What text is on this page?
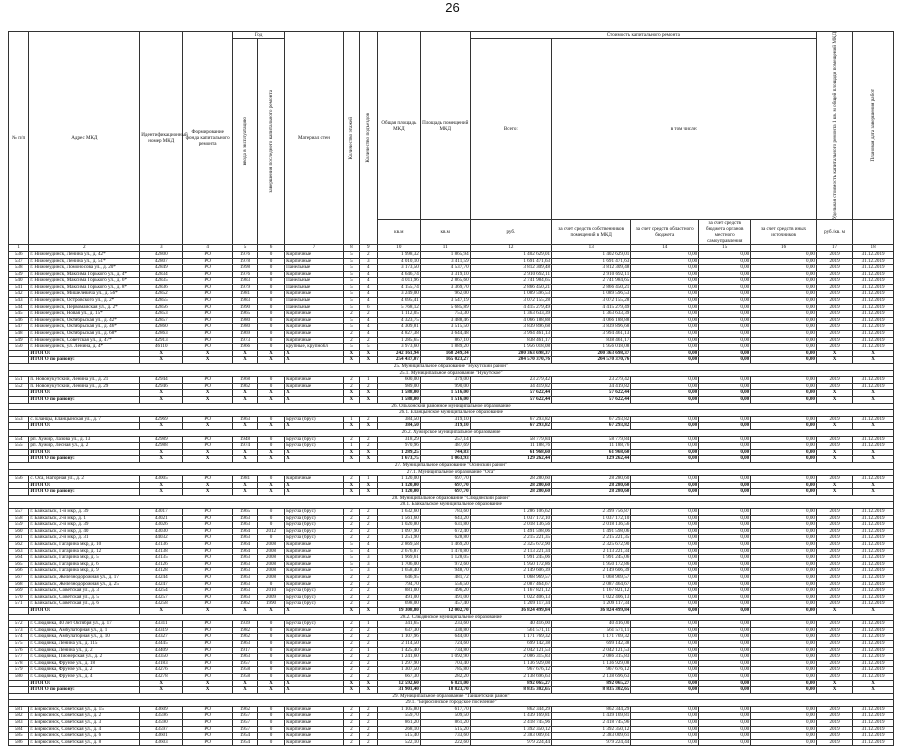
26
№ п/п	Адрес МКД	Идентификационный номер МКД	Формирование фонда капитального ремонта	Год		Материал стен	Количество этажей	Количество подъездов	Общая площадь МКД	Площадь помещений МКД	Стоимость капитального ремонта					Удельная стоимость капитального ремонта 1 кв. м общей площади помещений МКД	Плановая дата завершения работ

				ввода в эксплуатацию	завершения последнего капитального ремонта						Всего:	в том числе:					
									кв.м	кв.м	руб.	за счет средств собственников помещений в МКД	за счет средств областного бюджета	за счет средств бюджета органов местного самоуправления	за счет средств иных источников	руб./кв. м	
1	2	3	4	5	6	7	8	9	10	11	12	13	14	15	16	17	18
536	г. Нижнеудинск, Ленина ул., д. 42*	42800	РО	1976	0	Кирпичные	5	2	1 998,32	1 865,94	1 402 629,01	1 402 629,01	0,00	0,00	0,00	2019	31.12.2019
537	г. Нижнеудинск, Ленина ул., д. 51*	42807	РО	1978	0	Кирпичные	5	3	4 010,10	3 411,59	1 691 471,63	1 691 471,63	0,00	0,00	0,00	2019	31.12.2019
538	г. Нижнеудинск, Ломоносова ул., д. 20*	42849	РО	1998	0	Панельные	5	4	3 173,50	4 537,70	3 812 309,48	3 812 309,48	0,00	0,00	0,00	2019	31.12.2019
539	г. Нижнеудинск, Максима Горького ул., д. 4*	42834	РО	1976	0	Кирпичные	5	4	4 646,74	3 319,10	2 910 692,11	2 910 692,11	0,00	0,00	0,00	2019	31.12.2019
540	г. Нижнеудинск, Максима Горького ул., д. 6*	42835	РО	1983	0	Панельные	5	4	4 011,96	2 865,60	2 741 984,65	2 741 984,65	0,00	0,00	0,00	2019	31.12.2019
541	г. Нижнеудинск, Максима Горького ул., д. 8*	42836	РО	1979	0	Панельные	5	4	4 155,74	3 369,70	2 866 450,21	2 866 450,21	0,00	0,00	0,00	2019	31.12.2019
542	г. Нижнеудинск, Мишелевича ул., д. 56*	42852	РО	1981	0	Кирпичные	5	4	3 249,00	962,00	1 089 596,53	1 089 596,53	0,00	0,00	0,00	2019	31.12.2019
543	г. Нижнеудинск, Островского ул., д. 2*	42855	РО	1983	0	Панельные	5	4	4 695,41	3 547,19	3 072 155,28	3 072 155,28	0,00	0,00	0,00	2019	31.12.2019
544	г. Нижнеудинск, Первомайская ул., д. 2*	42856	РО	1990	0	Панельные	5	6	5 768,12	5 685,89	4 415 279,49	4 415 279,49	0,00	0,00	0,00	2019	31.12.2019
545	г. Нижнеудинск, Новая ул., д. 15*	42853	РО	1965	0	Кирпичные	2	2	1 112,05	753,30	1 363 633,39	1 363 633,39	0,00	0,00	0,00	2019	31.12.2019
546	г. Нижнеудинск, Октябрьская ул., д. 42*	42857	РО	1980	0	Кирпичные	5	4	4 323,75	3 488,46	4 066 188,88	4 066 188,88	0,00	0,00	0,00	2019	31.12.2019
547	г. Нижнеудинск, Октябрьская ул., д. 46*	42860	РО	1980	0	Кирпичные	5	4	4 309,81	3 515,50	3 839 896,68	3 839 896,68	0,00	0,00	0,00	2019	31.12.2019
548	г. Нижнеудинск, Октябрьская ул., д. 68*	42863	РО	1969	0	Кирпичные	2	4	4 827,38	3 644,48	3 994 461,13	3 994 461,13	0,00	0,00	0,00	2019	31.12.2019
549	г. Нижнеудинск, Советская ул., д. 47*	42913	РО	1973	0	Кирпичные	2	2	1 285,65	867,10	838 461,17	838 461,17	0,00	0,00	0,00	2019	31.12.2019
550	г. Нижнеудинск, ул. Ленина, д. 4*	46110	РО	1966	0	крупные, крупнобл	5	5	3 973,60	1 889,20	1 956 018,08	1 956 018,08	0,00	0,00	0,00	2019	31.12.2019
	ИТОГО:	X	X	X	X	X	X	X	242 161,94	168 249,34	200 363 698,37	200 363 698,37	0,00	0,00	0,00	X	X
	ИТОГО по району:	X	X	X	X	X	X	X	254 437,07	165 023,27	204 570 370,76	204 570 370,76	0,00	0,00	0,00	X	X
25. Муниципальное образование "Нукутский район"																	
25.1. Муниципальное образование "Нукутское"																	
551	п. Новонукутский, Ленина ул., д. 21	42944	РО	1968	0	Кирпичные	2	1	600,00	379,00	23 279,42	23 279,42	0,00	0,00	0,00	2019	31.12.2019
552	п. Новонукутский, Ленина ул., д. 29	42946	РО	1962	0	Кирпичные	2	2	989,00	990,00	34 419,82	34 419,82	0,00	0,00	0,00	2019	31.12.2019
	ИТОГО:	X	X	X	X	X	X	X	1 588,00	1 516,00	57 622,44	57 622,44	0,00	0,00	0,00	X	X
	ИТОГО по району:	X	X	X	X	X	X	X	1 588,00	1 516,00	57 622,44	57 622,44	0,00	0,00	0,00	X	X
26. Ольхонский районное муниципальное образование																	
26.1. Еланцынское муниципальное образование																	
553	с. Еланцы, Еланцынская ул., д. 7	42969	РО	1963	0	Брусча (брус)	1	2	384,50	319,10	67 293,82	67 293,82	0,00	0,00	0,00	2019	31.12.2019
	ИТОГО:	X	X	X	X	X	X	X	384,50	319,10	67 293,82	67 293,82	0,00	0,00	0,00	X	X
26.2. Хужирское муниципальное образование																	
554	рп. Хужир, Лазова ул., д. 13	42989	РО	1948	0	Брусча (брус)	2	2	318,29	257,14	58 779,84	58 779,84	0,00	0,00	0,00	2019	31.12.2019
555	рп. Хужир, Лесная ул., д. 2	42988	РО	1974	0	Брусча (брус)	1	2	970,96	487,69	11 188,76	11 188,76	0,00	0,00	0,00	2019	31.12.2019
	ИТОГО:	X	X	X	X	X	X	X	1 289,25	744,83	61 968,60	61 968,60	0,00	0,00	0,00	X	X
	ИТОГО по району:	X	X	X	X	X	X	X	1 673,75	1 063,93	129 262,44	129 262,44	0,00	0,00	0,00	X	X
27. Муниципальное образование "Осинский район"																	
27.1. Муниципальное образование "Оса"																	
556	с. Оса, Нагорная ул., д. 2	43005	РО	1981	0	Кирпичные	2	1	1 120,00	697,70	28 280,60	28 280,60	0,00	0,00	0,00	2019	31.12.2019
	ИТОГО:	X	X	X	X	X	X	X	1 120,00	697,70	28 280,60	28 280,60	0,00	0,00	0,00	X	X
	ИТОГО по району:	X	X	X	X	X	X	X	1 120,00	697,70	28 280,60	28 280,60	0,00	0,00	0,00	X	X
28. Муниципальное образование "Слюдянский район"																	
28.1. Байкальское муниципальное образование																	
557	г. Байкальск, 1-й мкр, д. 39	43017	РО	1965	0	Брусча (брус)	2	2	1 632,60	783,60	1 286 106,62	2 399 756,87	0,00	0,00	0,00	2019	31.12.2019
558	г. Байкальск, 2-й мкр, д. 1	43021	РО	1963	0	Брусча (брус)	2	2	1 561,60	643,20	1 037 172,10	1 037 172,10	0,00	0,00	0,00	2019	31.12.2019
559	г. Байкальск, 2-й мкр, д. 39	43026	РО	1963	0	Брусча (брус)	2	2	1 020,80	631,80	2 018 136,56	2 018 136,56	0,00	0,00	0,00	2019	31.12.2019
560	г. Байкальск, 2-й мкр, д. 40	43030	РО	1964	2012	Брусча (брус)	2	2	1 097,90	672,40	1 491 598,06	1 491 598,06	0,00	0,00	0,00	2019	31.12.2019
561	г. Байкальск, 2-й мкр, д. 31	44032	РО	1963	0	Брусча (брус)	2	2	1 251,90	628,80	2 215 221,35	2 215 221,35	0,00	0,00	0,00	2019	31.12.2019
562	г. Байкальск, Гагарина мкр, д. 10	43136	РО	1964	2008	Кирпичные	5	4	2 869,58	1 469,20	2 325 672,90	2 325 672,90	0,00	0,00	0,00	2019	31.12.2019
563	г. Байкальск, Гагарина мкр, д. 12	43138	РО	1964	2008	Кирпичные	5	4	2 676,87	1 470,80	2 113 221,34	2 113 221,34	0,00	0,00	0,00	2019	31.12.2019
564	г. Байкальск, Гагарина мкр, д. 5	43135	РО	1963	2008	Кирпичные	5	3	1 969,61	1 128,05	1 991 245,06	1 991 245,06	0,00	0,00	0,00	2019	31.12.2019
565	г. Байкальск, Гагарина мкр, д. 6	43126	РО	1963	2008	Кирпичные	5	3	1 706,00	972,60	1 950 172,86	1 950 172,86	0,00	0,00	0,00	2019	31.12.2019
566	г. Байкальск, Гагарина мкр, д. 9	43128	РО	1963	2008	Кирпичные	5	3	1 658,40	948,70	2 149 606,39	2 149 606,39	0,00	0,00	0,00	2019	31.12.2019
567	г. Байкальск, Железнодорожная ул., д. 17	43244	РО	1963	2008	Кирпичные	2	2	646,95	481,72	1 068 969,57	1 068 969,57	0,00	0,00	0,00	2019	31.12.2019
568	г. Байкальск, Железнодорожная ул., д. 25	43247	РО	1963	0	Кирпичные	2	2	794,70	556,50	2 087 464,67	2 087 464,67	0,00	0,00	0,00	2019	31.12.2019
569	г. Байкальск, Советская ул., д. 3	43254	РО	1963	2010	Брусча (брус)	2	2	881,00	496,20	1 167 821,12	1 167 821,12	0,00	0,00	0,00	2019	31.12.2019
570	г. Байкальск, Советская ул., д. 5	43257	РО	1963	2009	Брусча (брус)	2	2	491,00	491,00	1 022 406,13	1 022 406,13	0,00	0,00	0,00	2019	31.12.2019
571	г. Байкальск, Советская ул., д. 6	43258	РО	1962	1990	Брусча (брус)	2	2	698,00	457,40	1 209 117,34	1 209 117,34	0,00	0,00	0,00	2019	31.12.2019
	ИТОГО:	X	X	X	X	X	X	X	19 308,80	12 002,70	36 824 499,84	36 824 499,84	0,00	0,00	0,00	X	X
28.2. Слюдянское муниципальное образование																	
572	г. Слюдянка, 40 лет Октября ул., д. 17	43311	РО	1939	0	Брусча (брус)	2	1	341,65	233,60	40 416,00	40 416,00	0,00	0,00	0,00	2019	31.12.2019
573	г. Слюдянка, Амбулаторная ул., д. 1	43319	РО	1982	0	Кирпичные	2	2	637,30	330,80	561 571,11	561 571,11	0,00	0,00	0,00	2019	31.12.2019
574	г. Слюдянка, Амбулаторная ул., д. 10	43327	РО	1962	0	Кирпичные	2	2	1 107,96	644,00	1 171 769,32	1 171 769,32	0,00	0,00	0,00	2019	31.12.2019
575	г. Слюдянка, Ленина ул., д. 115	43445	РО	1963	0	Кирпичные	2	2	2 114,50	724,60	699 142,38	699 142,38	0,00	0,00	0,00	2019	31.12.2019
576	г. Слюдянка, Ленина ул., д. 2	43409	РО	1917	0	Кирпичные	2	1	1 425,40	734,80	2 042 121,53	2 042 121,53	0,00	0,00	0,00	2019	31.12.2019
577	г. Слюдянка, Пионерская ул., д. 2	43350	РО	1963	0	Кирпичные	2	2	1 241,60	1 092,90	2 086 315,83	2 086 315,83	0,00	0,00	0,00	2019	31.12.2019
578	г. Слюдянка, Фрунзе ул., д. 18	43183	РО	1957	0	Кирпичные	2	2	1 297,90	703,40	1 136 929,08	1 136 929,08	0,00	0,00	0,00	2019	31.12.2019
579	г. Слюдянка, Фрунзе ул., д. 2	43276	РО	1958	0	Кирпичные	2	2	1 307,50	785,80	967 676,12	967 676,12	0,00	0,00	0,00	2019	31.12.2019
580	г. Слюдянка, Фрунзе ул., д. 4	43278	РО	1958	0	Кирпичные	2	2	667,30	282,20	2 138 696,63	2 138 696,63	0,00	0,00	0,00	2019	31.12.2019
	ИТОГО:	X	X	X	X	X	X	X	12 592,60	6 821,00	892 065,27	892 065,27	0,00	0,00	0,00	X	X
	ИТОГО по району:	X	X	X	X	X	X	X	31 901,40	18 823,70	8 835 302,65	8 835 302,65	0,00	0,00	0,00	X	X
29. Муниципальное образование "Тайшетский район"																	
29.1. "Бирюсинское городское поселение"																	
581	г. Бирюсинск, Советская ул., д. 15	43609	РО	1962	0	Кирпичные	2	2	1 105,80	617,70	862 344,29	862 344,29	0,00	0,00	0,00	2019	31.12.2019
582	г. Бирюсинск, Советская ул., д. 2	43596	РО	1957	0	Кирпичные	2	2	559,70	509,50	1 439 169,81	1 439 169,81	0,00	0,00	0,00	2019	31.12.2019
583	г. Бирюсинск, Советская ул., д. 3	43590	РО	1957	0	Кирпичные	2	2	861,20	861,20	2 418 745,96	2 418 745,96	0,00	0,00	0,00	2019	31.12.2019
584	г. Бирюсинск, Советская ул., д. 4	43597	РО	1957	0	Кирпичные	2	2	268,10	515,20	1 392 350,12	1 392 350,12	0,00	0,00	0,00	2019	31.12.2019
585	г. Бирюсинск, Советская ул., д. 6	43601	РО	1954	0	Кирпичные	2	2	515,40	733,60	2 383 009,61	2 383 009,61	0,00	0,00	0,00	2019	31.12.2019
586	г. Бирюсинск, Советская ул., д. 8	43603	РО	1954	0	Кирпичные	2	2	522,10	222,60	979 224,44	979 224,44	0,00	0,00	0,00	2019	31.12.2019
